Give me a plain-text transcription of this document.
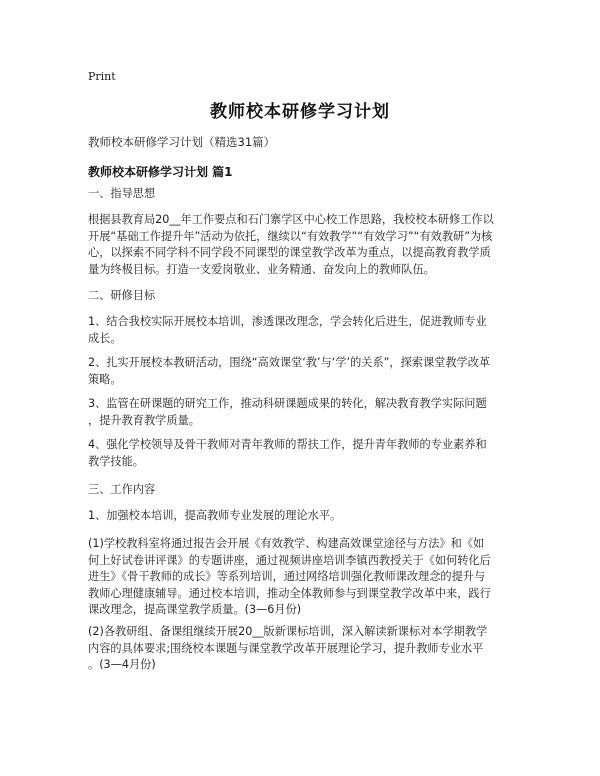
Print
教师校本研修学习计划
教师校本研修学习计划（精选31篇）
教师校本研修学习计划 篇1
一、指导思想
根据县教育局20__年工作要点和石门寨学区中心校工作思路，我校校本研修工作以
开展“基础工作提升年”活动为依托，继续以“有效教学”“有效学习”“有效教研”为核
心，以探索不同学科不同学段不同课型的课堂教学改革为重点，以提高教育教学质
量为终极目标。打造一支爱岗敬业、业务精通、奋发向上的教师队伍。
二、研修目标
1、结合我校实际开展校本培训，渗透课改理念，学会转化后进生，促进教师专业
成长。
2、扎实开展校本教研活动，围绕“高效课堂‘教’与‘学’的关系”，探索课堂教学改革
策略。
3、监管在研课题的研究工作，推动科研课题成果的转化，解决教育教学实际问题
，提升教育教学质量。
4、强化学校领导及骨干教师对青年教师的帮扶工作，提升青年教师的专业素养和
教学技能。
三、工作内容
1、加强校本培训，提高教师专业发展的理论水平。
(1)学校教科室将通过报告会开展《有效教学、构建高效课堂途径与方法》和《如
何上好试卷讲评课》的专题讲座，通过视频讲座培训李镇西教授关于《如何转化后
进生》《骨干教师的成长》等系列培训，通过网络培训强化教师课改理念的提升与
教师心理健康辅导。通过校本培训，推动全体教师参与到课堂教学改革中来，践行
课改理念，提高课堂教学质量。(3—6月份)
(2)各教研组、备课组继续开展20__版新课标培训，深入解读新课标对本学期教学
内容的具体要求;围绕校本课题与课堂教学改革开展理论学习，提升教师专业水平
。(3—4月份)
